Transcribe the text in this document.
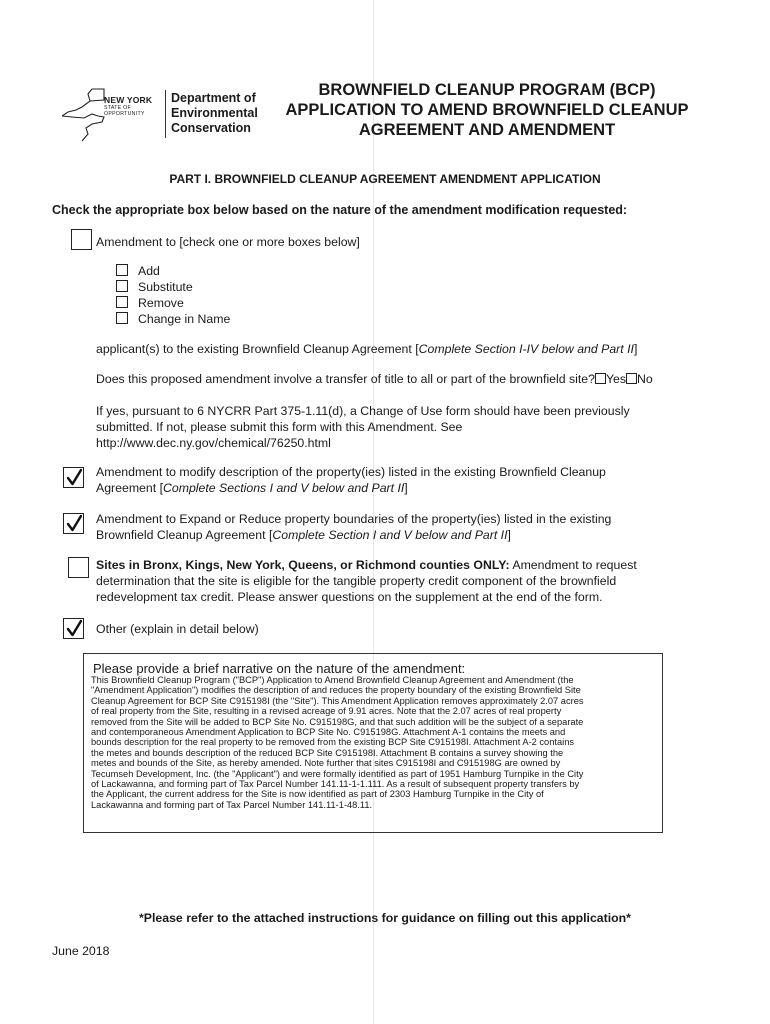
NEW YORK
STATE OF
OPPORTUNITY
Department of
Environmental
Conservation
BROWNFIELD CLEANUP PROGRAM (BCP)
APPLICATION TO AMEND BROWNFIELD CLEANUP
AGREEMENT AND AMENDMENT
PART I. BROWNFIELD CLEANUP AGREEMENT AMENDMENT APPLICATION
Check the appropriate box below based on the nature of the amendment modification requested:
Amendment to [check one or more boxes below]
Add
Substitute
Remove
Change in Name
applicant(s) to the existing Brownfield Cleanup Agreement [Complete Section I-IV below and Part II]
Does this proposed amendment involve a transfer of title to all or part of the brownfield site? Yes No
If yes, pursuant to 6 NYCRR Part 375-1.11(d), a Change of Use form should have been previously
submitted. If not, please submit this form with this Amendment. See
http://www.dec.ny.gov/chemical/76250.html
Amendment to modify description of the property(ies) listed in the existing Brownfield Cleanup
Agreement [Complete Sections I and V below and Part II]
Amendment to Expand or Reduce property boundaries of the property(ies) listed in the existing
Brownfield Cleanup Agreement [Complete Section I and V below and Part II]
Sites in Bronx, Kings, New York, Queens, or Richmond counties ONLY: Amendment to request
determination that the site is eligible for the tangible property credit component of the brownfield
redevelopment tax credit. Please answer questions on the supplement at the end of the form.
Other (explain in detail below)
Please provide a brief narrative on the nature of the amendment:
This Brownfield Cleanup Program ("BCP") Application to Amend Brownfield Cleanup Agreement and Amendment (the
"Amendment Application") modifies the description of and reduces the property boundary of the existing Brownfield Site
Cleanup Agreement for BCP Site C915198I (the "Site"). This Amendment Application removes approximately 2.07 acres
of real property from the Site, resulting in a revised acreage of 9.91 acres. Note that the 2.07 acres of real property
removed from the Site will be added to BCP Site No. C915198G, and that such addition will be the subject of a separate
and contemporaneous Amendment Application to BCP Site No. C915198G. Attachment A-1 contains the meets and
bounds description for the real property to be removed from the existing BCP Site C915198I. Attachment A-2 contains
the metes and bounds description of the reduced BCP Site C915198I. Attachment B contains a survey showing the
metes and bounds of the Site, as hereby amended. Note further that sites C915198I and C915198G are owned by
Tecumseh Development, Inc. (the "Applicant") and were formally identified as part of 1951 Hamburg Turnpike in the City
of Lackawanna, and forming part of Tax Parcel Number 141.11-1-1.111. As a result of subsequent property transfers by
the Applicant, the current address for the Site is now identified as part of 2303 Hamburg Turnpike in the City of
Lackawanna and forming part of Tax Parcel Number 141.11-1-48.11.
*Please refer to the attached instructions for guidance on filling out this application*
June 2018
